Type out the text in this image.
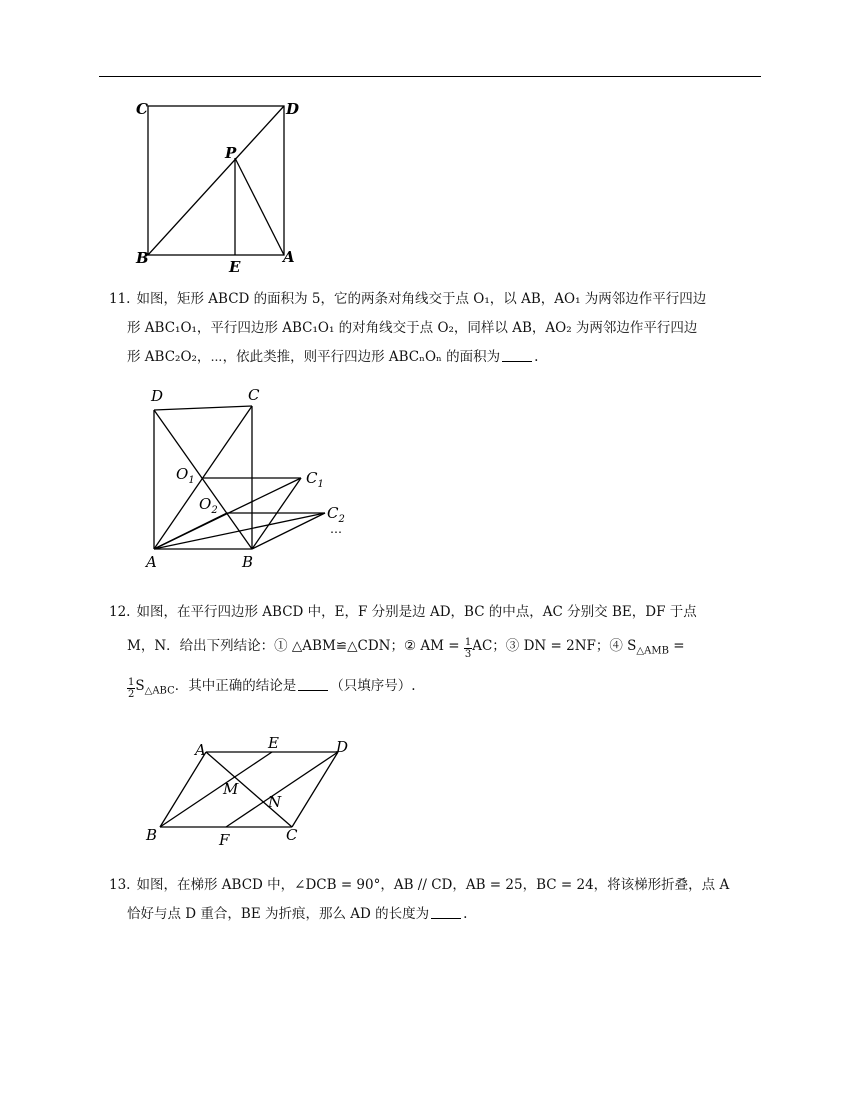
C	D
P
B	E
A
11. 如图，矩形 ABCD 的面积为 5，它的两条对角线交于点 O₁，以 AB，AO₁ 为两邻边作平行四边
形 ABC₁O₁，平行四边形 ABC₁O₁ 的对角线交于点 O₂，同样以 AB，AO₂ 为两邻边作平行四边
形 ABC₂O₂，⋯，依此类推，则平行四边形 ABCₙOₙ 的面积为	.
D	C
$O_1$	$C_1$
$O_2$	$C_2$
⋯
A	B
12. 如图，在平行四边形 ABCD 中，E，F 分别是边 AD，BC 的中点，AC 分别交 BE，DF 于点
M，N．给出下列结论：① △ABM≌△CDN；② AM = $\frac{1}{3}$ AC；③ DN = 2NF；④ $S_{\triangle AMB}$ =
$\frac{1}{2} S_{\triangle ABC}$．其中正确的结论是	（只填序号）.
A	E	D
M
N
B	F	C
13. 如图，在梯形 ABCD 中，∠DCB = 90°，AB // CD，AB = 25，BC = 24，将该梯形折叠，点 A
恰好与点 D 重合，BE 为折痕，那么 AD 的长度为	.
